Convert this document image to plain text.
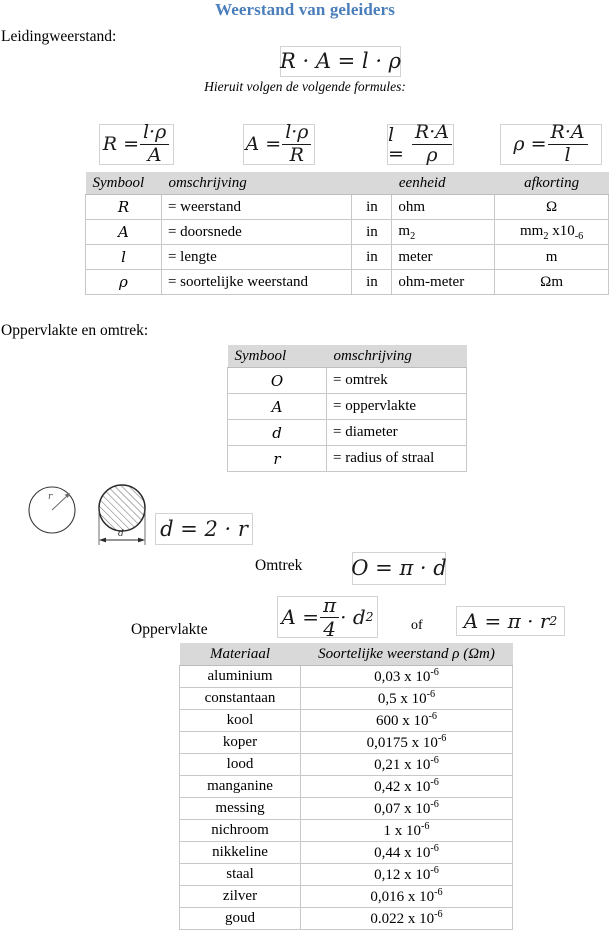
Weerstand van geleiders
Leidingweerstand:
R · A = l · ρ
Hieruit volgen de volgende formules:
$R = \frac{l\cdot\rho}{A}$	$A = \frac{l\cdot\rho}{R}$	$l = \frac{R\cdot A}{\rho}$	$\rho = \frac{R\cdot A}{l}$
Symbool	omschrijving		eenheid	afkorting
R	= weerstand	in	ohm	Ω
A	= doorsnede	in	$m_2$	$mm_2$ $x10_{-6}$
l	= lengte	in	meter	m
ρ	= soortelijke weerstand	in	ohm-meter	Ωm
Oppervlakte en omtrek:
Symbool	omschrijving
O	= omtrek
A	= oppervlakte
d	= diameter
r	= radius of straal
r
d d = 2 · r
Omtrek O = π · d
Oppervlakte
$A = \frac{\pi}{4} \cdot d$ 2
of A = π · r 2
Materiaal	Soortelijke weerstand ρ (Ωm)
aluminium	0,03 x $10^{-6}$
constantaan	0,5 x $10^{-6}$
kool	600 x $10^{-6}$
koper	0,0175 x $10^{-6}$
lood	0,21 x $10^{-6}$
manganine	0,42 x $10^{-6}$
messing	0,07 x $10^{-6}$
nichroom	1 x $10^{-6}$
nikkeline	0,44 x $10^{-6}$
staal	0,12 x $10^{-6}$
zilver	0,016 x $10^{-6}$
goud	0.022 x $10^{-6}$
